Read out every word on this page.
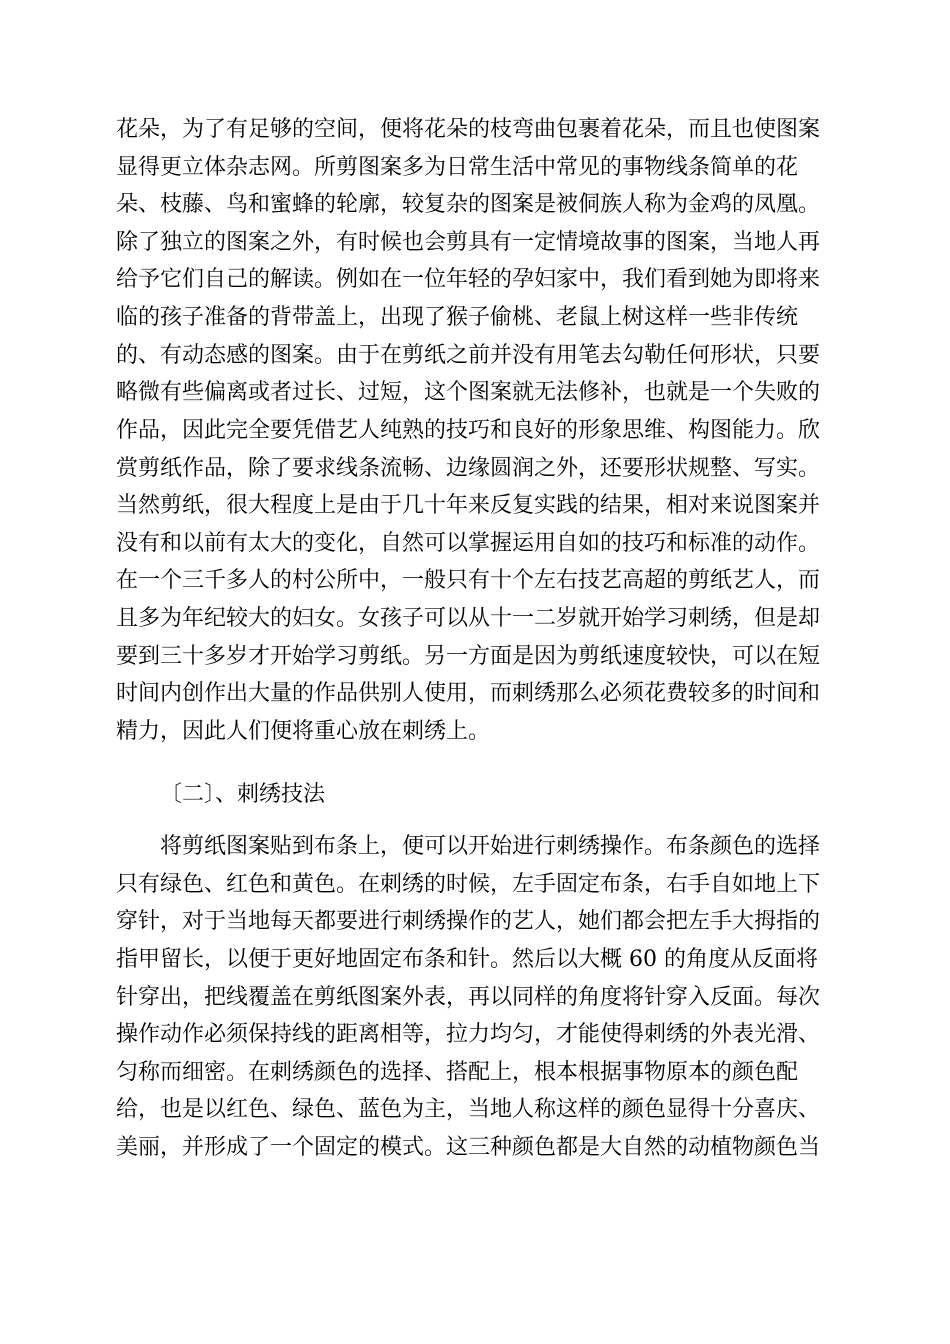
花朵，为了有足够的空间，便将花朵的枝弯曲包裹着花朵，而且也使图案
显得更立体杂志网。所剪图案多为日常生活中常见的事物线条简单的花
朵、枝藤、鸟和蜜蜂的轮廓，较复杂的图案是被侗族人称为金鸡的凤凰。
除了独立的图案之外，有时候也会剪具有一定情境故事的图案，当地人再
给予它们自己的解读。例如在一位年轻的孕妇家中，我们看到她为即将来
临的孩子准备的背带盖上，出现了猴子偷桃、老鼠上树这样一些非传统
的、有动态感的图案。由于在剪纸之前并没有用笔去勾勒任何形状，只要
略微有些偏离或者过长、过短，这个图案就无法修补，也就是一个失败的
作品，因此完全要凭借艺人纯熟的技巧和良好的形象思维、构图能力。欣
赏剪纸作品，除了要求线条流畅、边缘圆润之外，还要形状规整、写实。
当然剪纸，很大程度上是由于几十年来反复实践的结果，相对来说图案并
没有和以前有太大的变化，自然可以掌握运用自如的技巧和标准的动作。
在一个三千多人的村公所中，一般只有十个左右技艺高超的剪纸艺人，而
且多为年纪较大的妇女。女孩子可以从十一二岁就开始学习刺绣，但是却
要到三十多岁才开始学习剪纸。另一方面是因为剪纸速度较快，可以在短
时间内创作出大量的作品供别人使用，而刺绣那么必须花费较多的时间和
精力，因此人们便将重心放在刺绣上。
〔二〕、刺绣技法
将剪纸图案贴到布条上，便可以开始进行刺绣操作。布条颜色的选择
只有绿色、红色和黄色。在刺绣的时候，左手固定布条，右手自如地上下
穿针，对于当地每天都要进行刺绣操作的艺人，她们都会把左手大拇指的
指甲留长，以便于更好地固定布条和针。然后以大概 60 的角度从反面将
针穿出，把线覆盖在剪纸图案外表，再以同样的角度将针穿入反面。每次
操作动作必须保持线的距离相等，拉力均匀，才能使得刺绣的外表光滑、
匀称而细密。在刺绣颜色的选择、搭配上，根本根据事物原本的颜色配
给，也是以红色、绿色、蓝色为主，当地人称这样的颜色显得十分喜庆、
美丽，并形成了一个固定的模式。这三种颜色都是大自然的动植物颜色当
